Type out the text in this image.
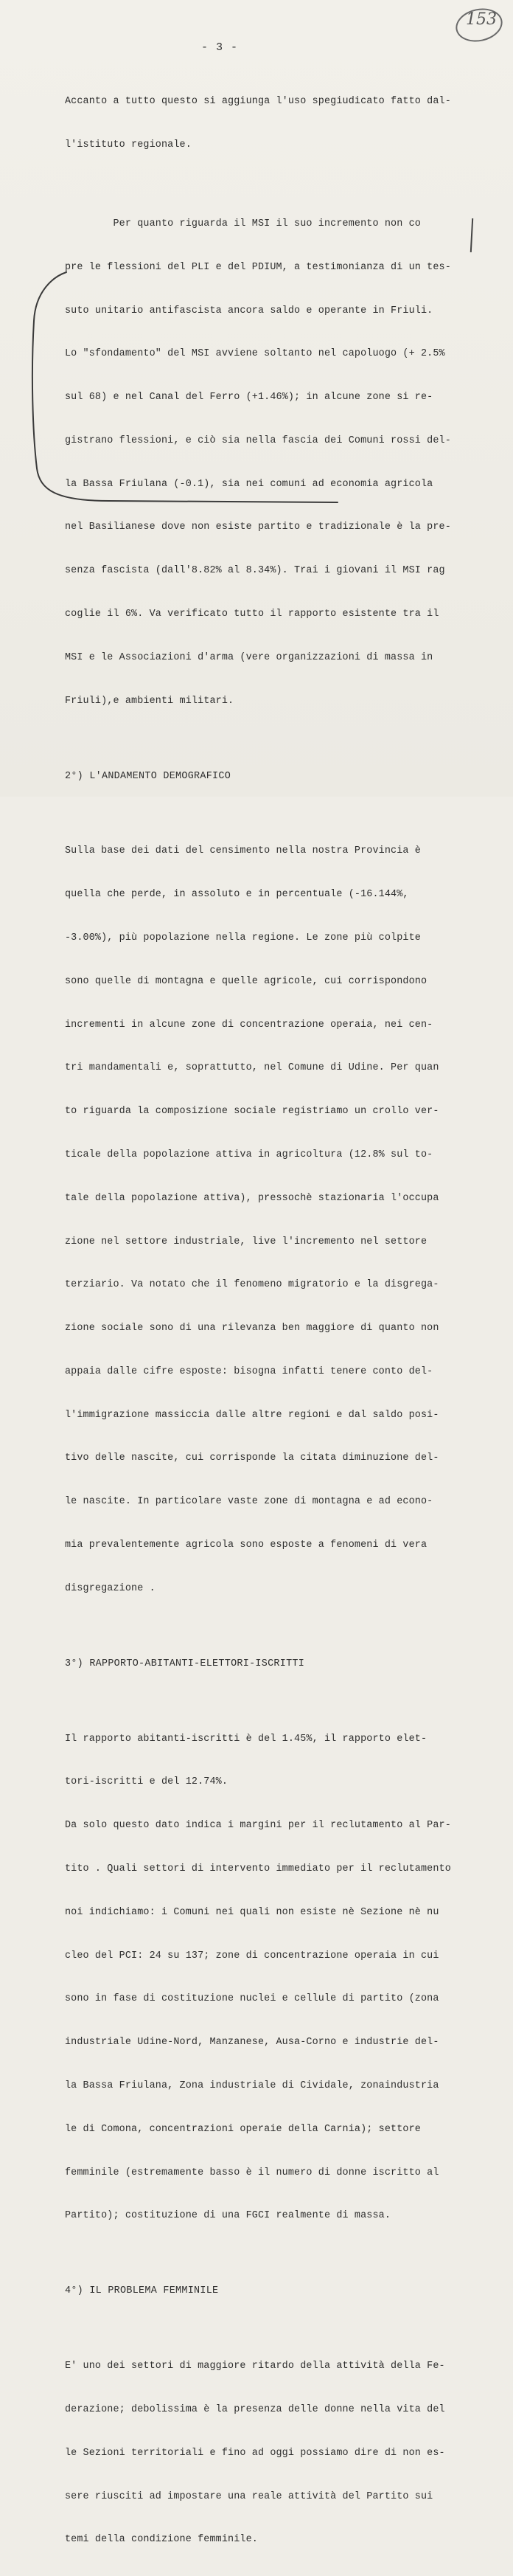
153
- 3 -

Accanto a tutto questo si aggiunga l'uso spegiudicato fatto dal-

l'istituto regionale.

Per quanto riguarda il MSI il suo incremento non co

pre le flessioni del PLI e del PDIUM, a testimonianza di un tes-

suto unitario antifascista ancora saldo e operante in Friuli.

Lo "sfondamento" del MSI avviene soltanto nel capoluogo (+ 2.5%

sul 68) e nel Canal del Ferro (+1.46%); in alcune zone si re-

gistrano flessioni, e ciò sia nella fascia dei Comuni rossi del-

la Bassa Friulana (-0.1), sia nei comuni ad economia agricola

nel Basilianese dove non esiste partito e tradizionale è la pre-

senza fascista (dall'8.82% al 8.34%). Trai i giovani il MSI rag

coglie il 6%. Va verificato tutto il rapporto esistente tra il

MSI e le Associazioni d'arma (vere organizzazioni di massa in

Friuli),e ambienti militari.

2°) L'ANDAMENTO DEMOGRAFICO

Sulla base dei dati del censimento nella nostra Provincia è

quella che perde, in assoluto e in percentuale (-16.144%,

-3.00%), più popolazione nella regione. Le zone più colpite

sono quelle di montagna e quelle agricole, cui corrispondono

incrementi in alcune zone di concentrazione operaia, nei cen-

tri mandamentali e, soprattutto, nel Comune di Udine. Per quan

to riguarda la composizione sociale registriamo un crollo ver-

ticale della popolazione attiva in agricoltura (12.8% sul to-

tale della popolazione attiva), pressochè stazionaria l'occupa

zione nel settore industriale, live l'incremento nel settore

terziario. Va notato che il fenomeno migratorio e la disgrega-

zione sociale sono di una rilevanza ben maggiore di quanto non

appaia dalle cifre esposte: bisogna infatti tenere conto del-

l'immigrazione massiccia dalle altre regioni e dal saldo posi-

tivo delle nascite, cui corrisponde la citata diminuzione del-

le nascite. In particolare vaste zone di montagna e ad econo-

mia prevalentemente agricola sono esposte a fenomeni di vera

disgregazione .

3°) RAPPORTO-ABITANTI-ELETTORI-ISCRITTI

Il rapporto abitanti-iscritti è del 1.45%, il rapporto elet-

tori-iscritti e del 12.74%.

Da solo questo dato indica i margini per il reclutamento al Par-

tito . Quali settori di intervento immediato per il reclutamento

noi indichiamo: i Comuni nei quali non esiste nè Sezione nè nu

cleo del PCI: 24 su 137; zone di concentrazione operaia in cui

sono in fase di costituzione nuclei e cellule di partito (zona

industriale Udine-Nord, Manzanese, Ausa-Corno e industrie del-

la Bassa Friulana, Zona industriale di Cividale, zonaindustria

le di Comona, concentrazioni operaie della Carnia); settore

femminile (estremamente basso è il numero di donne iscritto al

Partito); costituzione di una FGCI realmente di massa.

4°) IL PROBLEMA FEMMINILE

E' uno dei settori di maggiore ritardo della attività della Fe-

derazione; debolissima è la presenza delle donne nella vita del

le Sezioni territoriali e fino ad oggi possiamo dire di non es-

sere riusciti ad impostare una reale attività del Partito sui

temi della condizione femminile.
